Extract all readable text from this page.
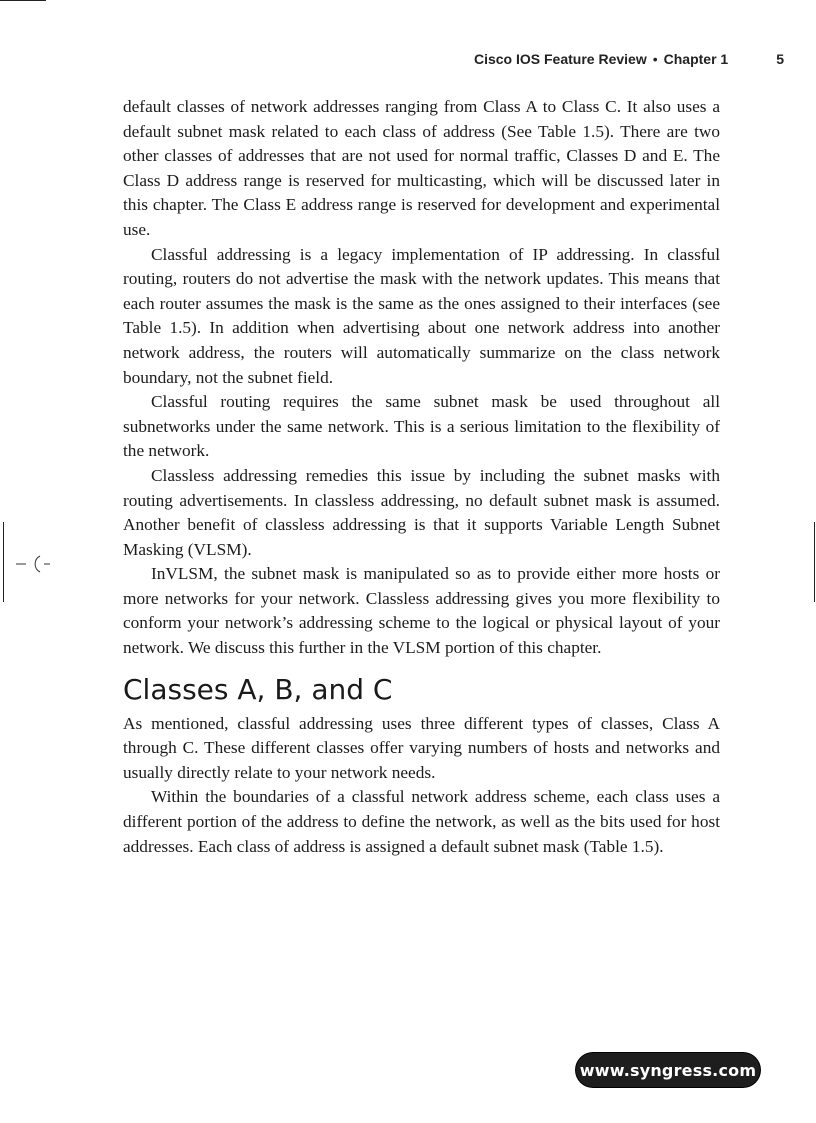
Cisco IOS Feature Review • Chapter 1	5

default classes of network addresses ranging from Class A to Class C. It also uses a default subnet mask related to each class of address (See Table 1.5). There are two other classes of addresses that are not used for normal traffic, Classes D and E. The Class D address range is reserved for multicasting, which will be discussed later in this chapter. The Class E address range is reserved for development and experimental use.

Classful addressing is a legacy implementation of IP addressing. In classful routing, routers do not advertise the mask with the network updates. This means that each router assumes the mask is the same as the ones assigned to their interfaces (see Table 1.5). In addition when advertising about one network address into another network address, the routers will automatically summarize on the class network boundary, not the subnet field.

Classful routing requires the same subnet mask be used throughout all subnetworks under the same network. This is a serious limitation to the flexibility of the network.

Classless addressing remedies this issue by including the subnet masks with routing advertisements. In classless addressing, no default subnet mask is assumed. Another benefit of classless addressing is that it supports Variable Length Subnet Masking (VLSM).

InVLSM, the subnet mask is manipulated so as to provide either more hosts or more networks for your network. Classless addressing gives you more flexibility to conform your network’s addressing scheme to the logical or physical layout of your network. We discuss this further in the VLSM portion of this chapter.

Classes A, B, and C

As mentioned, classful addressing uses three different types of classes, Class A through C. These different classes offer varying numbers of hosts and networks and usually directly relate to your network needs.

Within the boundaries of a classful network address scheme, each class uses a different portion of the address to define the network, as well as the bits used for host addresses. Each class of address is assigned a default subnet mask (Table 1.5).

www.syngress.com
